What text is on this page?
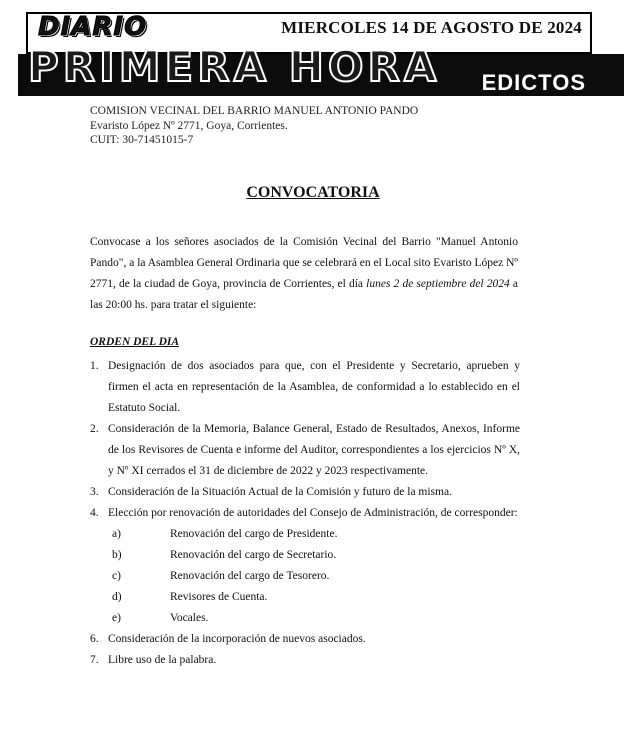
MIERCOLES 14 DE AGOSTO DE 2024
DIARIO
PRIMERA HORA EDICTOS
COMISION VECINAL DEL BARRIO MANUEL ANTONIO PANDO
Evaristo López Nº 2771, Goya, Corrientes.
CUIT: 30-71451015-7
CONVOCATORIA
Convocase a los señores asociados de la Comisión Vecinal del Barrio "Manuel Antonio Pando", a la Asamblea General Ordinaria que se celebrará en el Local sito Evaristo López Nº 2771, de la ciudad de Goya, provincia de Corrientes, el día lunes 2 de septiembre del 2024 a las 20:00 hs. para tratar el siguiente:
ORDEN DEL DIA
1. Designación de dos asociados para que, con el Presidente y Secretario, aprueben y firmen el acta en representación de la Asamblea, de conformidad a lo establecido en el Estatuto Social.
2. Consideración de la Memoria, Balance General, Estado de Resultados, Anexos, Informe de los Revisores de Cuenta e informe del Auditor, correspondientes a los ejercicios Nº X, y Nº XI cerrados el 31 de diciembre de 2022 y 2023 respectivamente.
3. Consideración de la Situación Actual de la Comisión y futuro de la misma.
4. Elección por renovación de autoridades del Consejo de Administración, de corresponder:
a)	Renovación del cargo de Presidente.
b)	Renovación del cargo de Secretario.
c)	Renovación del cargo de Tesorero.
d)	Revisores de Cuenta.
e)	Vocales.
6. Consideración de la incorporación de nuevos asociados.
7. Libre uso de la palabra.
